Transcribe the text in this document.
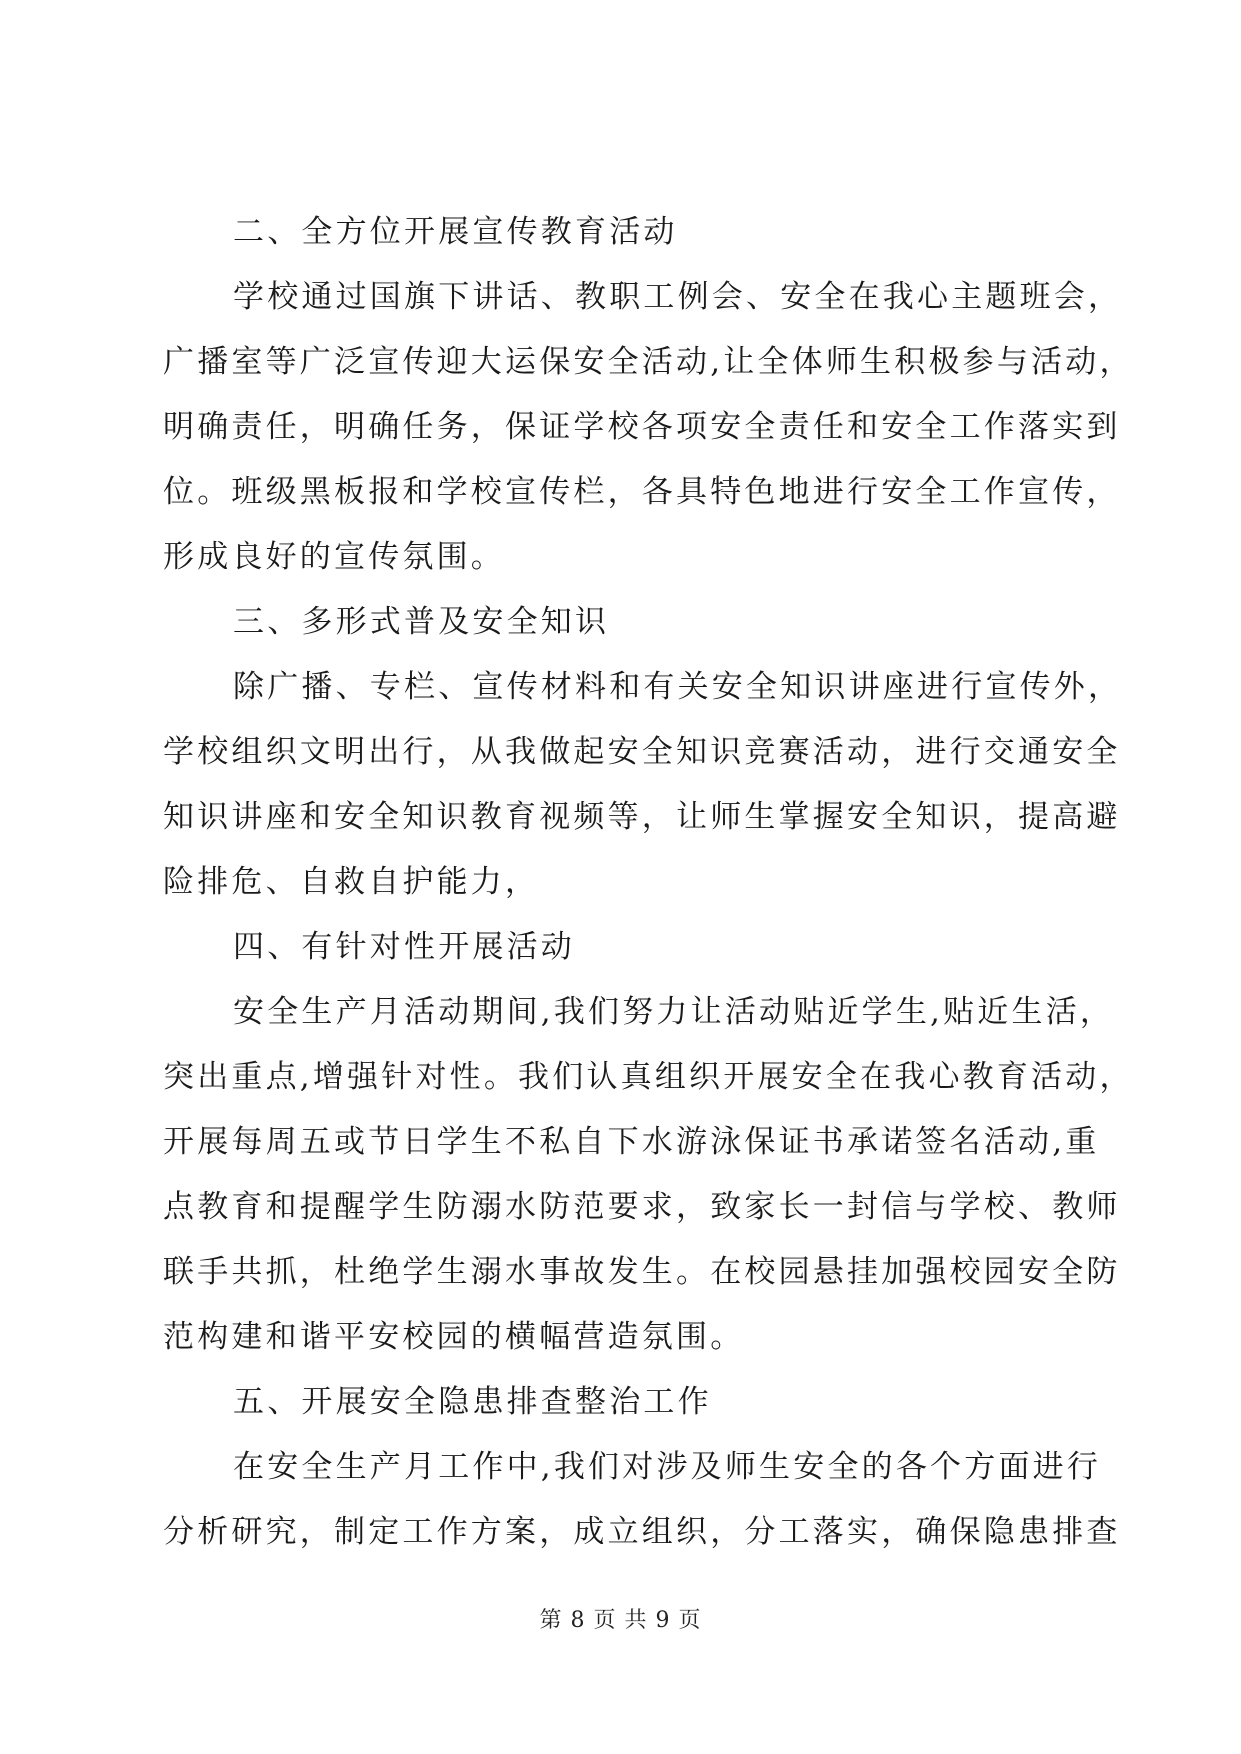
二、全方位开展宣传教育活动
学校通过国旗下讲话、教职工例会、安全在我心主题班会，
广播室等广泛宣传迎大运保安全活动,让全体师生积极参与活动，
明确责任，明确任务，保证学校各项安全责任和安全工作落实到
位。班级黑板报和学校宣传栏，各具特色地进行安全工作宣传，
形成良好的宣传氛围。
三、多形式普及安全知识
除广播、专栏、宣传材料和有关安全知识讲座进行宣传外，
学校组织文明出行，从我做起安全知识竞赛活动，进行交通安全
知识讲座和安全知识教育视频等，让师生掌握安全知识，提高避
险排危、自救自护能力，
四、有针对性开展活动
安全生产月活动期间,我们努力让活动贴近学生,贴近生活，
突出重点,增强针对性。我们认真组织开展安全在我心教育活动，
开展每周五或节日学生不私自下水游泳保证书承诺签名活动,重
点教育和提醒学生防溺水防范要求，致家长一封信与学校、教师
联手共抓，杜绝学生溺水事故发生。在校园悬挂加强校园安全防
范构建和谐平安校园的横幅营造氛围。
五、开展安全隐患排查整治工作
在安全生产月工作中,我们对涉及师生安全的各个方面进行
分析研究，制定工作方案，成立组织，分工落实，确保隐患排查
第 8 页 共 9 页
